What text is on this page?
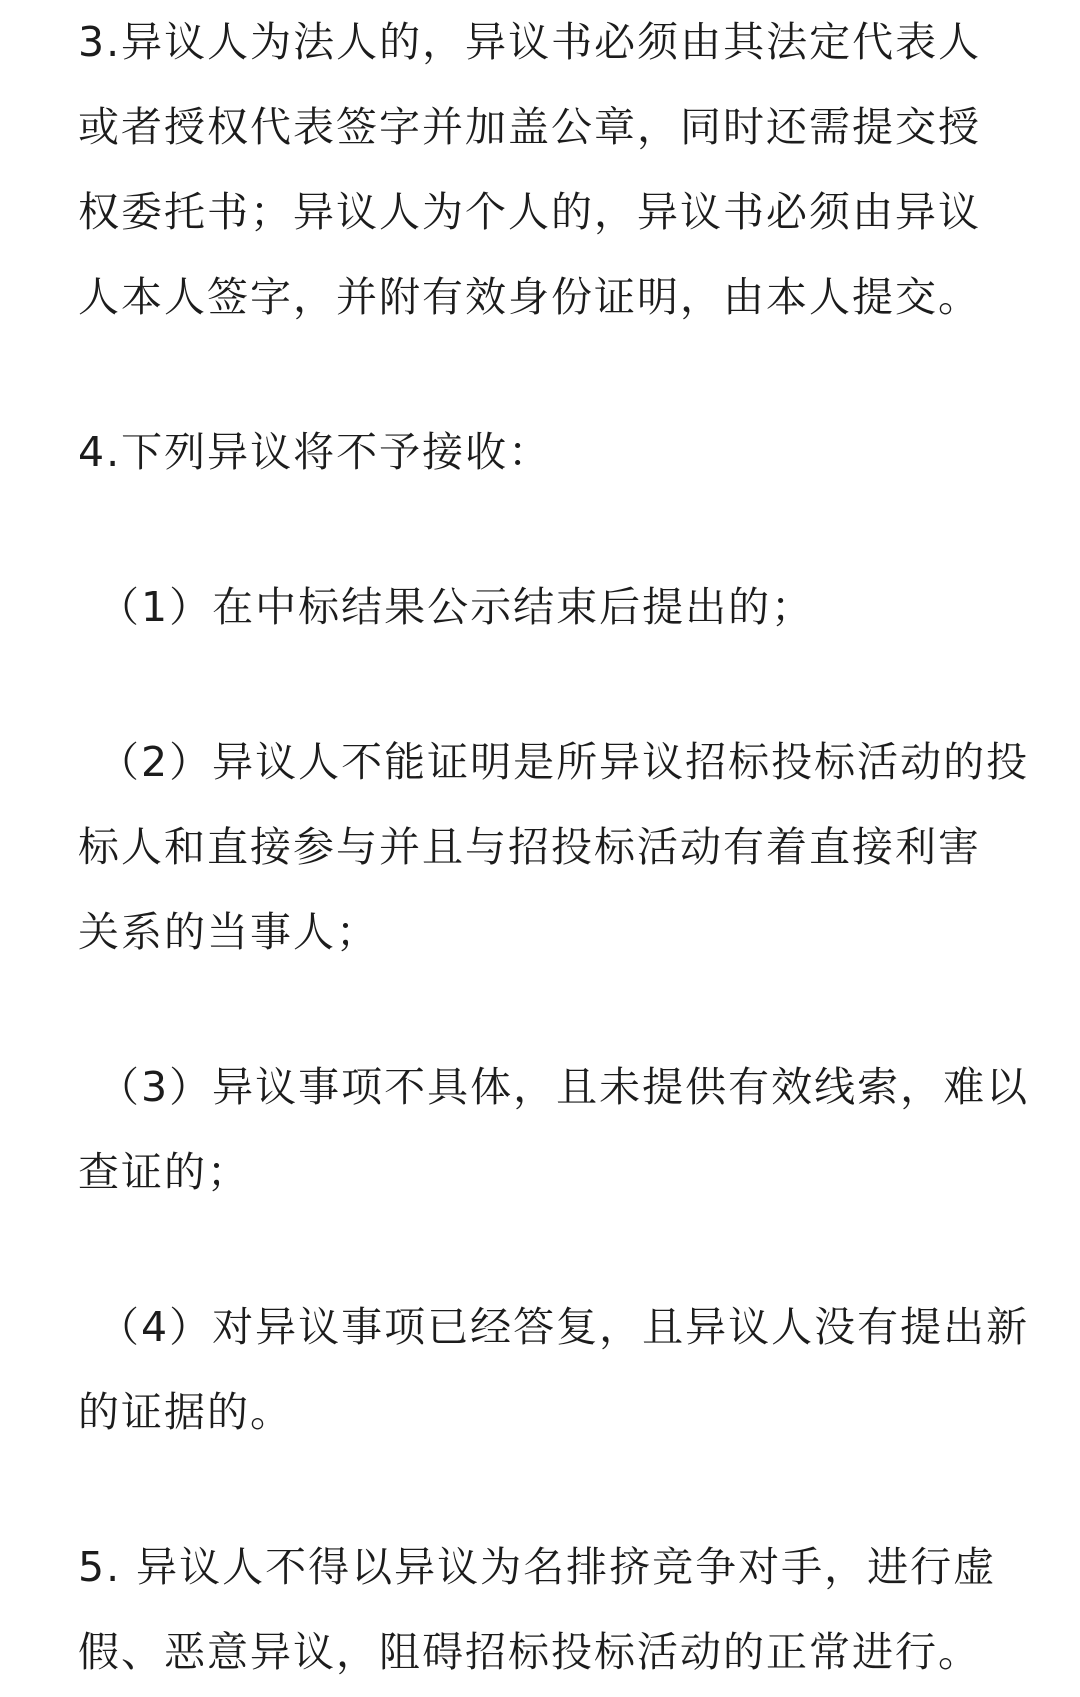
3.异议人为法人的，异议书必须由其法定代表人
或者授权代表签字并加盖公章，同时还需提交授
权委托书；异议人为个人的，异议书必须由异议
人本人签字，并附有效身份证明，由本人提交。

4.下列异议将不予接收：

（1）在中标结果公示结束后提出的；

（2）异议人不能证明是所异议招标投标活动的投
标人和直接参与并且与招投标活动有着直接利害
关系的当事人；

（3）异议事项不具体，且未提供有效线索，难以
查证的；

（4）对异议事项已经答复，且异议人没有提出新
的证据的。

5. 异议人不得以异议为名排挤竞争对手，进行虚
假、恶意异议，阻碍招标投标活动的正常进行。
